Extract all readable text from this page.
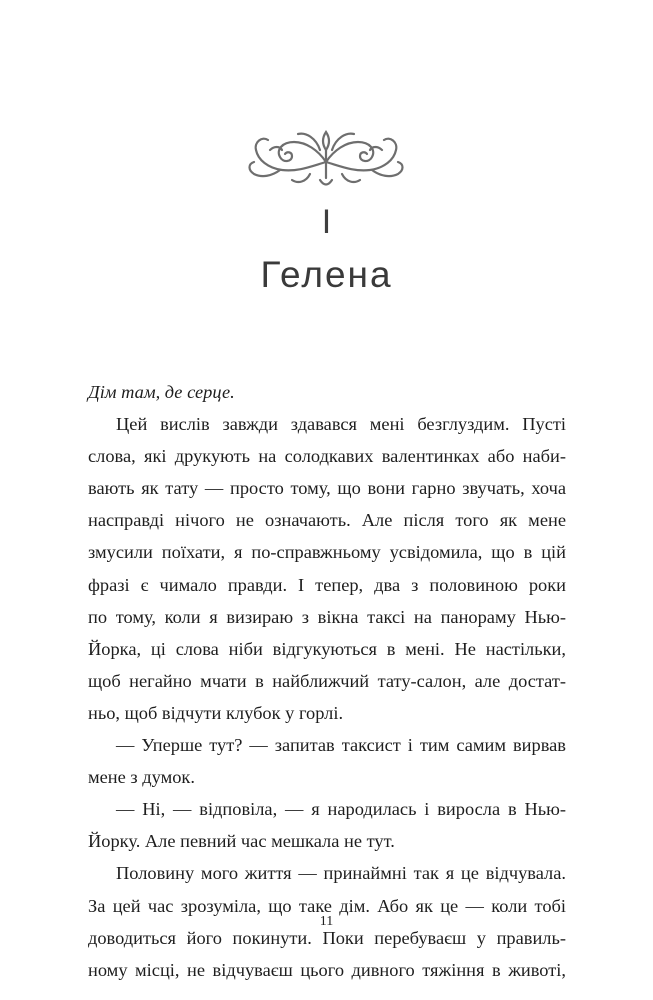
I
Гелена
Дім там, де серце.
Цей вислів завжди здавався мені безглуздим. Пусті
слова, які друкують на солодкавих валентинках або наби-
вають як тату — просто тому, що вони гарно звучать, хоча
насправді нічого не означають. Але після того як мене
змусили поїхати, я по-справжньому усвідомила, що в цій
фразі є чимало правди. І тепер, два з половиною роки
по тому, коли я визираю з вікна таксі на панораму Нью-
Йорка, ці слова ніби відгукуються в мені. Не настільки,
щоб негайно мчати в найближчий тату-салон, але достат-
ньо, щоб відчути клубок у горлі.
— Уперше тут? — запитав таксист і тим самим вирвав
мене з думок.
— Ні, — відповіла, — я народилась і виросла в Нью-
Йорку. Але певний час мешкала не тут.
Половину мого життя — принаймні так я це відчувала.
За цей час зрозуміла, що таке дім. Або як це — коли тобі
доводиться його покинути. Поки перебуваєш у правиль-
ному місці, не відчуваєш цього дивного тяжіння в животі,
11
